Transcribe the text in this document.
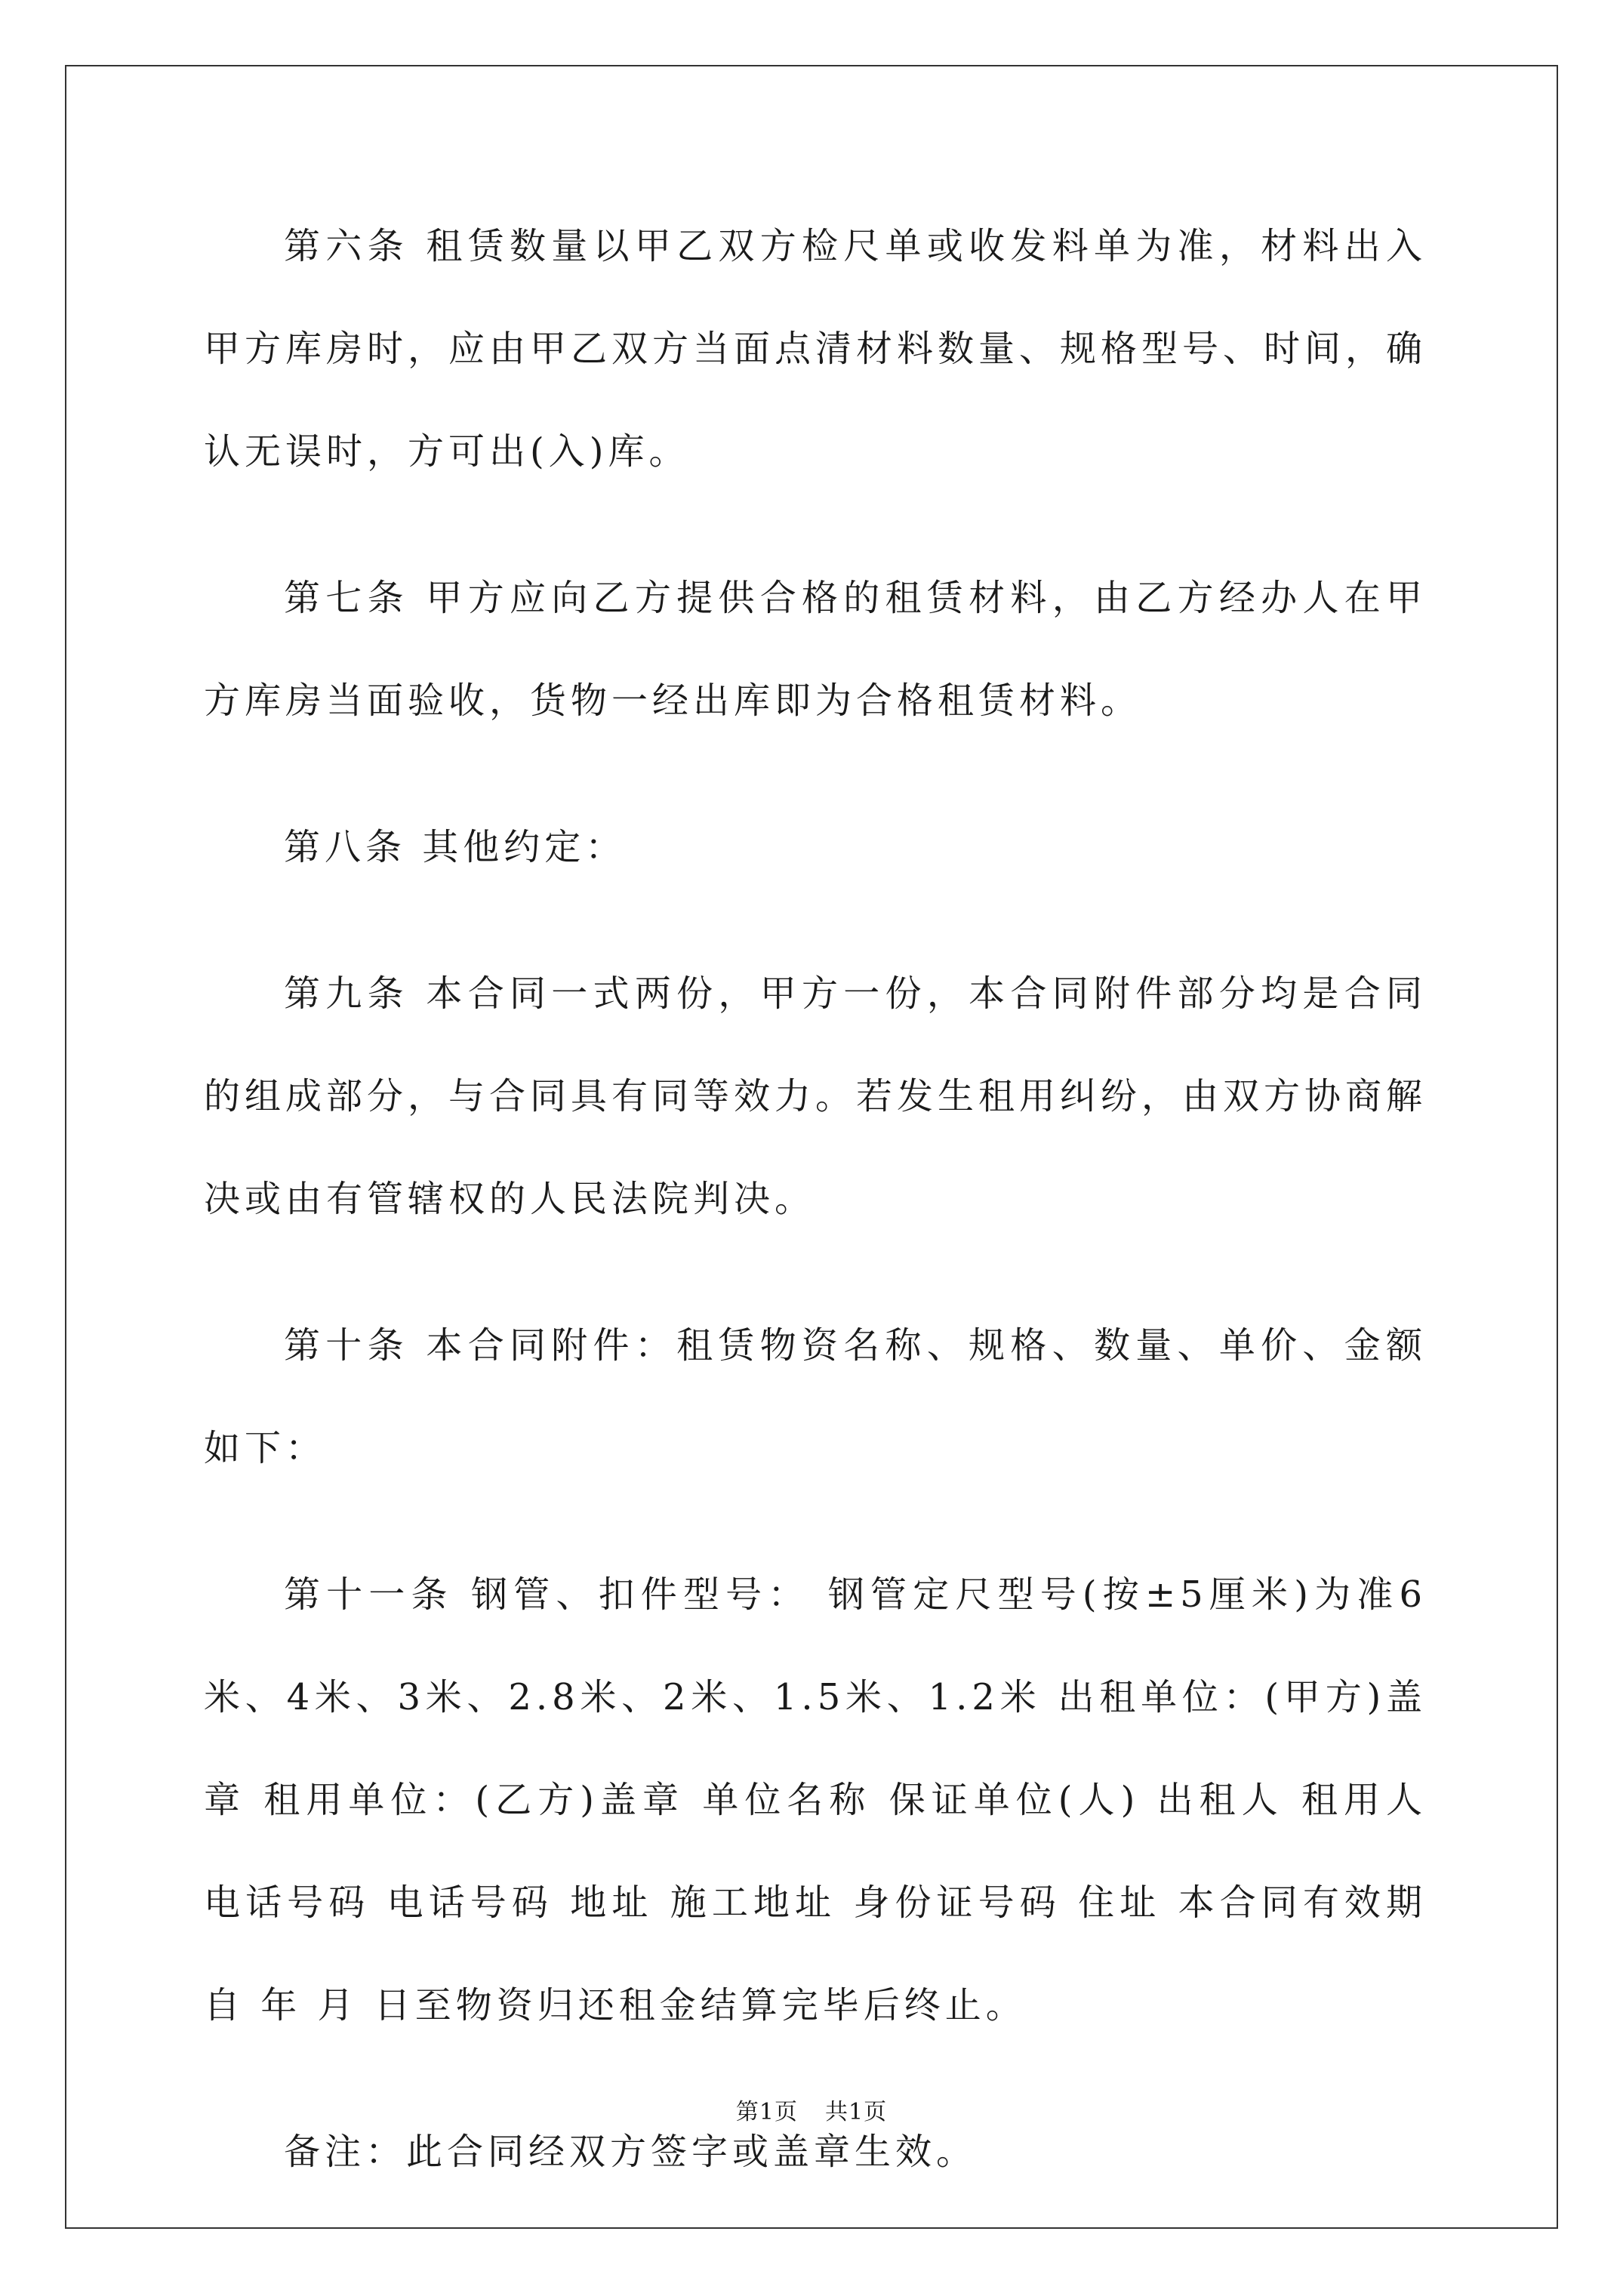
第六条 租赁数量以甲乙双方检尺单或收发料单为准，材料出入甲方库房时，应由甲乙双方当面点清材料数量、规格型号、时间，确认无误时，方可出(入)库。

第七条 甲方应向乙方提供合格的租赁材料，由乙方经办人在甲方库房当面验收，货物一经出库即为合格租赁材料。

第八条 其他约定：

第九条 本合同一式两份，甲方一份，本合同附件部分均是合同的组成部分，与合同具有同等效力。若发生租用纠纷，由双方协商解决或由有管辖权的人民法院判决。

第十条 本合同附件：租赁物资名称、规格、数量、单价、金额如下：

第十一条 钢管、扣件型号： 钢管定尺型号(按±5厘米)为准6米、4米、3米、2.8米、2米、1.5米、1.2米 出租单位：(甲方)盖章 租用单位：(乙方)盖章 单位名称 保证单位(人) 出租人 租用人 电话号码 电话号码 地址 施工地址 身份证号码 住址 本合同有效期自 年 月 日至物资归还租金结算完毕后终止。

备注：此合同经双方签字或盖章生效。

第1页 共1页
